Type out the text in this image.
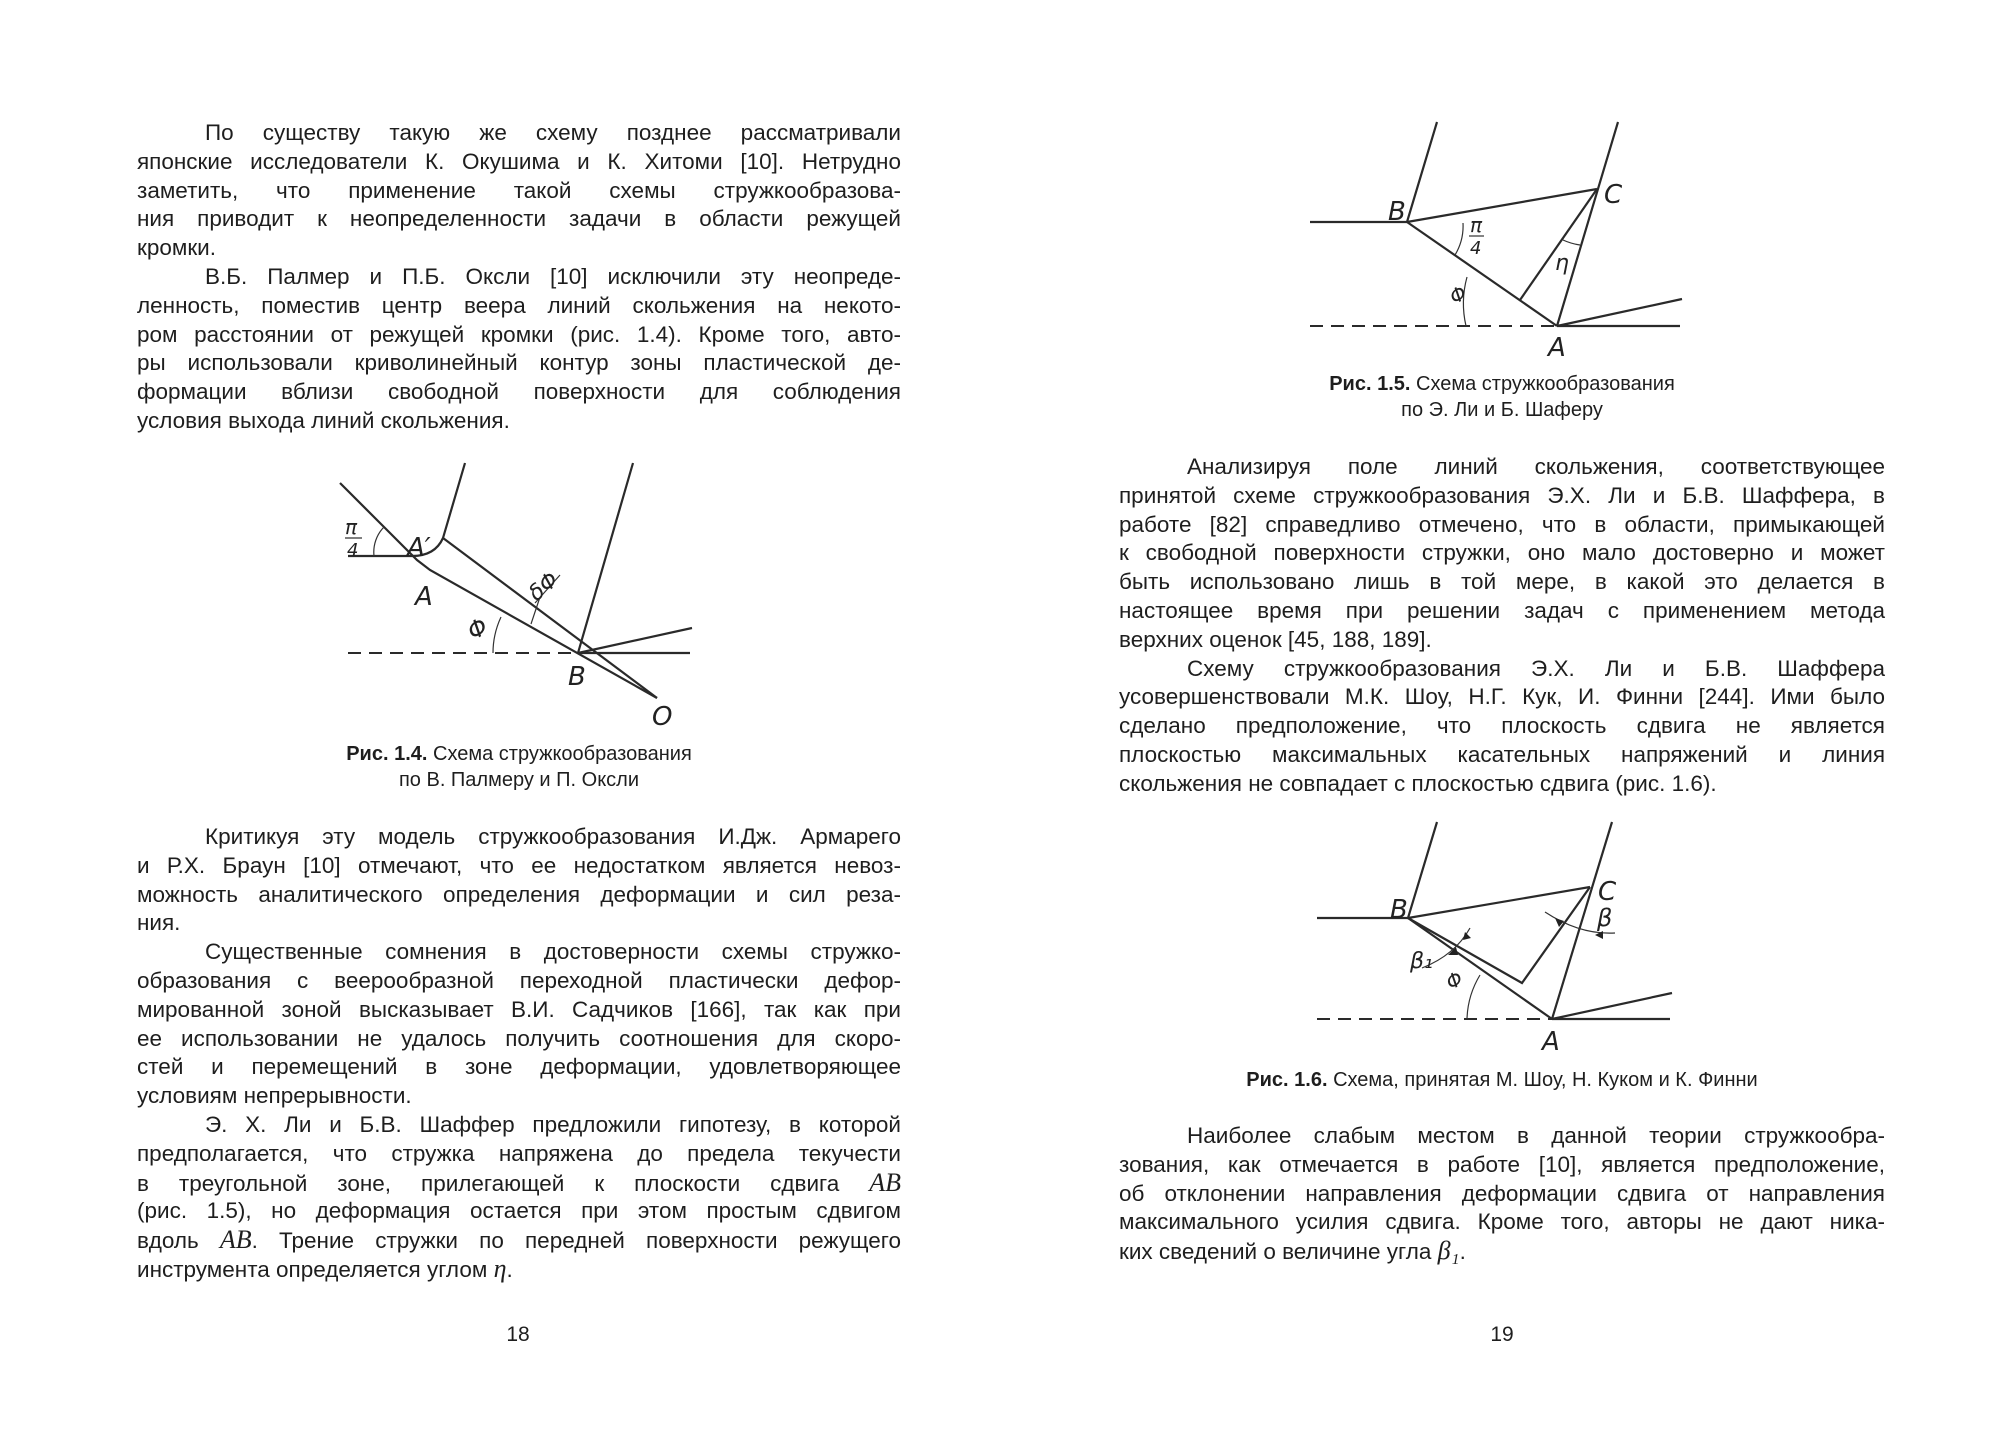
По существу такую же схему позднее рассматривали
японские исследователи К. Окушима и К. Хитоми [10]. Нетрудно
заметить, что применение такой схемы стружкообразова-
ния приводит к неопределенности задачи в области режущей
кромки.
В.Б. Палмер и П.Б. Оксли [10] исключили эту неопреде-
ленность, поместив центр веера линий скольжения на некото-
ром расстоянии от режущей кромки (рис. 1.4). Кроме того, авто-
ры использовали криволинейный контур зоны пластической де-
формации вблизи свободной поверхности для соблюдения
условия выхода линий скольжения.
Критикуя эту модель стружкообразования И.Дж. Армарего
и Р.Х. Браун [10] отмечают, что ее недостатком является невоз-
можность аналитического определения деформации и сил реза-
ния.
Существенные сомнения в достоверности схемы стружко-
образования с веерообразной переходной пластически дефор-
мированной зоной высказывает В.И. Садчиков [166], так как при
ее использовании не удалось получить соотношения для скоро-
стей и перемещений в зоне деформации, удовлетворяющее
условиям непрерывности.
Э. Х. Ли и Б.В. Шаффер предложили гипотезу, в которой
предполагается, что стружка напряжена до предела текучести
в треугольной зоне, прилегающей к плоскости сдвига AB
(рис. 1.5), но деформация остается при этом простым сдвигом
вдоль AB. Трение стружки по передней поверхности режущего
инструмента определяется углом η.
Анализируя поле линий скольжения, соответствующее
принятой схеме стружкообразования Э.Х. Ли и Б.В. Шаффера, в
работе [82] справедливо отмечено, что в области, примыкающей
к свободной поверхности стружки, оно мало достоверно и может
быть использовано лишь в той мере, в какой это делается в
настоящее время при решении задач с применением метода
верхних оценок [45, 188, 189].
Схему стружкообразования Э.Х. Ли и Б.В. Шаффера
усовершенствовали М.К. Шоу, Н.Г. Кук, И. Финни [244]. Ими было
сделано предположение, что плоскость сдвига не является
плоскостью максимальных касательных напряжений и линия
скольжения не совпадает с плоскостью сдвига (рис. 1.6).
Наиболее слабым местом в данной теории стружкообра-
зования, как отмечается в работе [10], является предположение,
об отклонении направления деформации сдвига от направления
максимального усилия сдвига. Кроме того, авторы не дают ника-
ких сведений о величине угла β₁.
Рис. 1.4. Схема стружкообразования
по В. Палмеру и П. Оксли
Рис. 1.5. Схема стружкообразования
по Э. Ли и Б. Шаферу
Рис. 1.6. Схема, принятая М. Шоу, Н. Куком и К. Финни
18	19
π
4 A′
A
Φ
δΦ
B
O
B
C
π
4
η
Φ
A
B
C
β
β₁
Φ
A
